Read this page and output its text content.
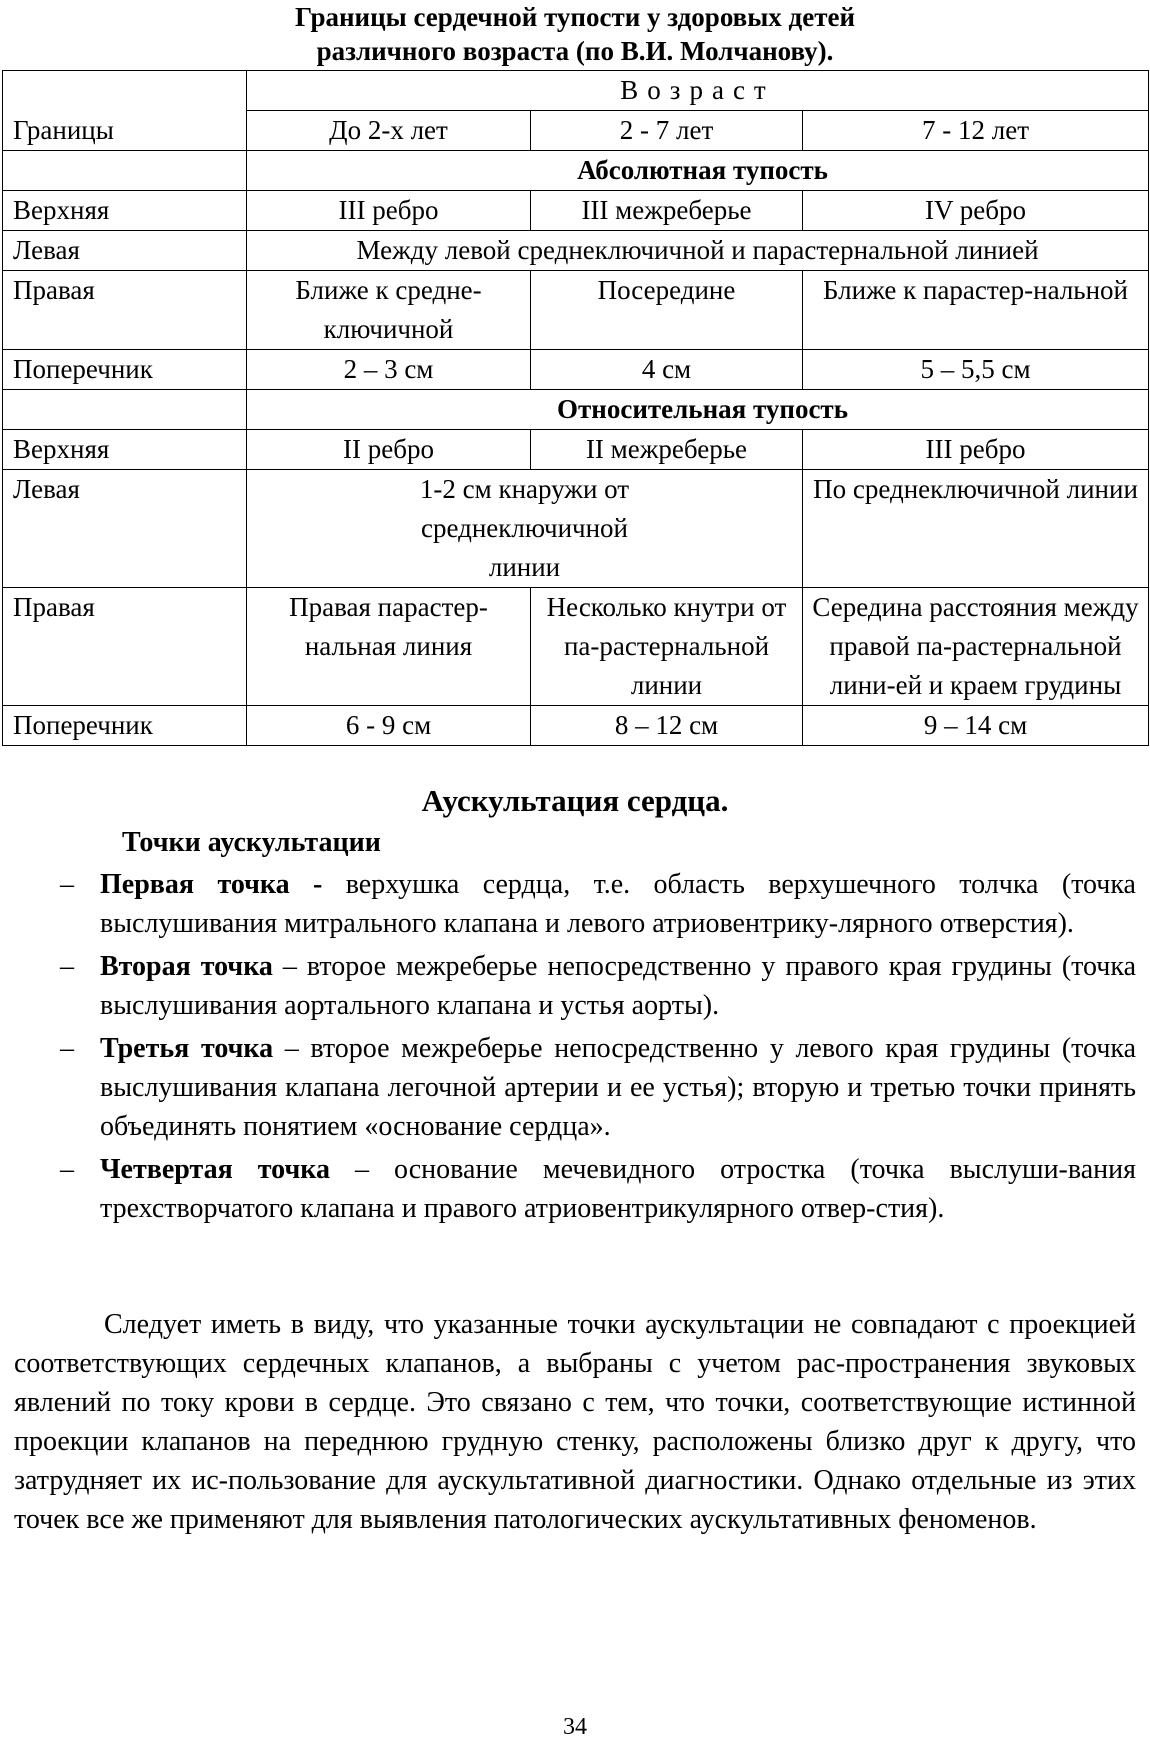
Границы сердечной тупости у здоровых детей
различного возраста (по В.И. Молчанову).
Границы	Возраст		
	До 2-х лет	2 - 7 лет	7 - 12 лет
	Абсолютная тупость		
Верхняя	III ребро	III межреберье	IV ребро
Левая	Между левой среднеключичной и парастернальной линией		
Правая	Ближе к средне-ключичной	Посередине	Ближе к парастер-нальной
Поперечник	2 – 3 см	4 см	5 – 5,5 см
	Относительная тупость		
Верхняя	II ребро	II межреберье	III ребро
Левая	1-2 см кнаружи от среднеключичной линии		По среднеключичной линии
Правая	Правая парастер-нальная линия	Несколько кнутри от па-растернальной линии	Середина расстояния между правой па-растернальной лини-ей и краем грудины
Поперечник	6 - 9 см	8 – 12 см	9 – 14 см
Аускультация сердца.
Точки аускультации
– Первая точка - верхушка сердца, т.е. область верхушечного толчка (точка выслушивания митрального клапана и левого атриовентрику-лярного отверстия).
– Вторая точка – второе межреберье непосредственно у правого края грудины (точка выслушивания аортального клапана и устья аорты).
– Третья точка – второе межреберье непосредственно у левого края грудины (точка выслушивания клапана легочной артерии и ее устья); вторую и третью точки принять объединять понятием «основание сердца».
– Четвертая точка – основание мечевидного отростка (точка выслуши-вания трехстворчатого клапана и правого атриовентрикулярного отвер-стия).
Следует иметь в виду, что указанные точки аускультации не совпадают с проекцией соответствующих сердечных клапанов, а выбраны с учетом рас-пространения звуковых явлений по току крови в сердце. Это связано с тем, что точки, соответствующие истинной проекции клапанов на переднюю грудную стенку, расположены близко друг к другу, что затрудняет их ис-пользование для аускультативной диагностики. Однако отдельные из этих точек все же применяют для выявления патологических аускультативных феноменов.
34
